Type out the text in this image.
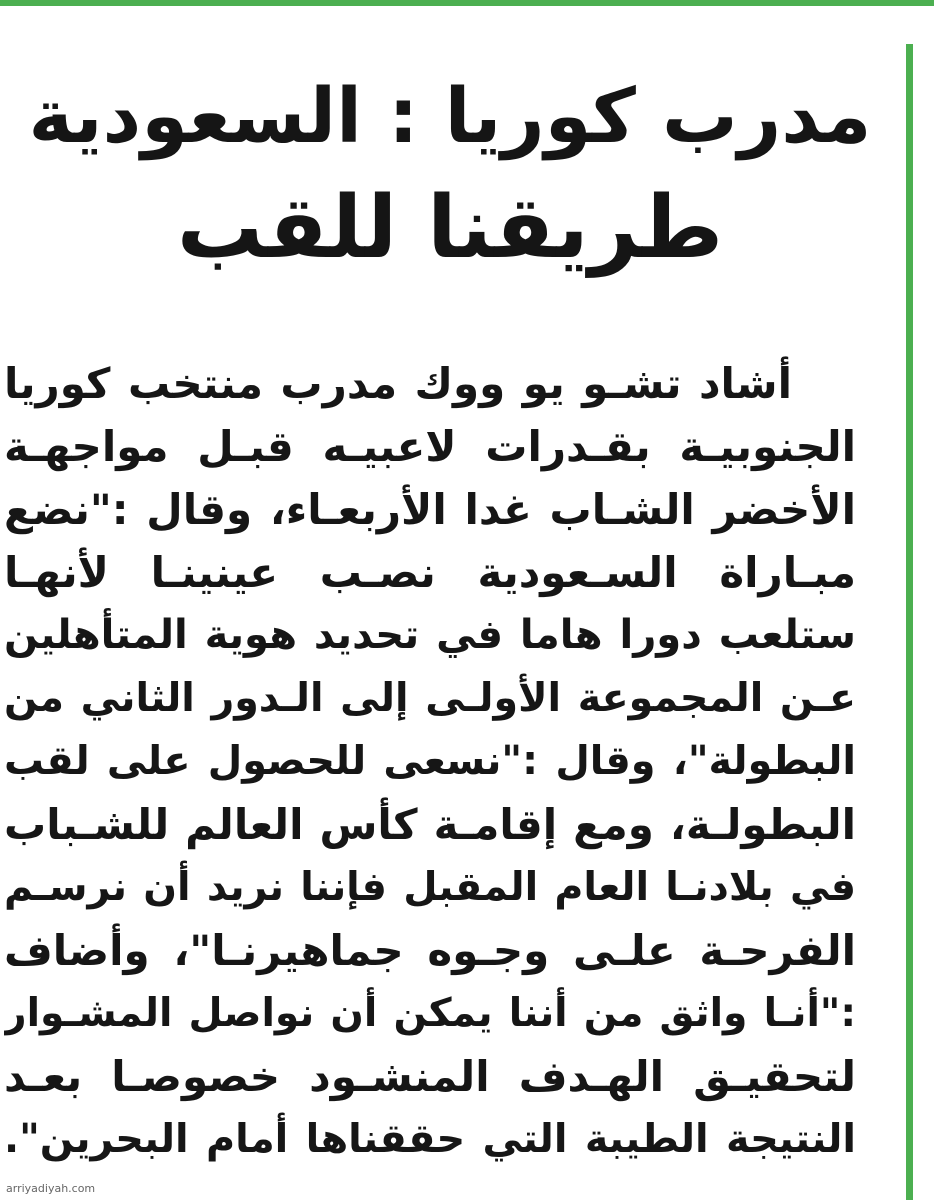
مدرب كوريا : السعودية
طريقنا للقب
أشاد تشـو يو ووك مدرب منتخب كوريا
الجنوبيـة بقـدرات لاعبيـه قبـل مواجهـة
الأخضر الشـاب غدا الأربعـاء، وقال :"نضع
مبـاراة السـعودية نصـب عينينـا لأنهـا
ستلعب دورا هاما في تحديد هوية المتأهلين
عـن المجموعة الأولـى إلى الـدور الثاني من
البطولة"، وقال :"نسعى للحصول على لقب
البطولـة، ومع إقامـة كأس العالم للشـباب
في بلادنـا العام المقبل فإننا نريد أن نرسـم
الفرحـة علـى وجـوه جماهيرنـا"، وأضاف
:"أنـا واثق من أننا يمكن أن نواصل المشـوار
لتحقيـق الهـدف المنشـود خصوصـا بعـد
النتيجة الطيبة التي حققناها أمام البحرين".
arriyadiyah.com
